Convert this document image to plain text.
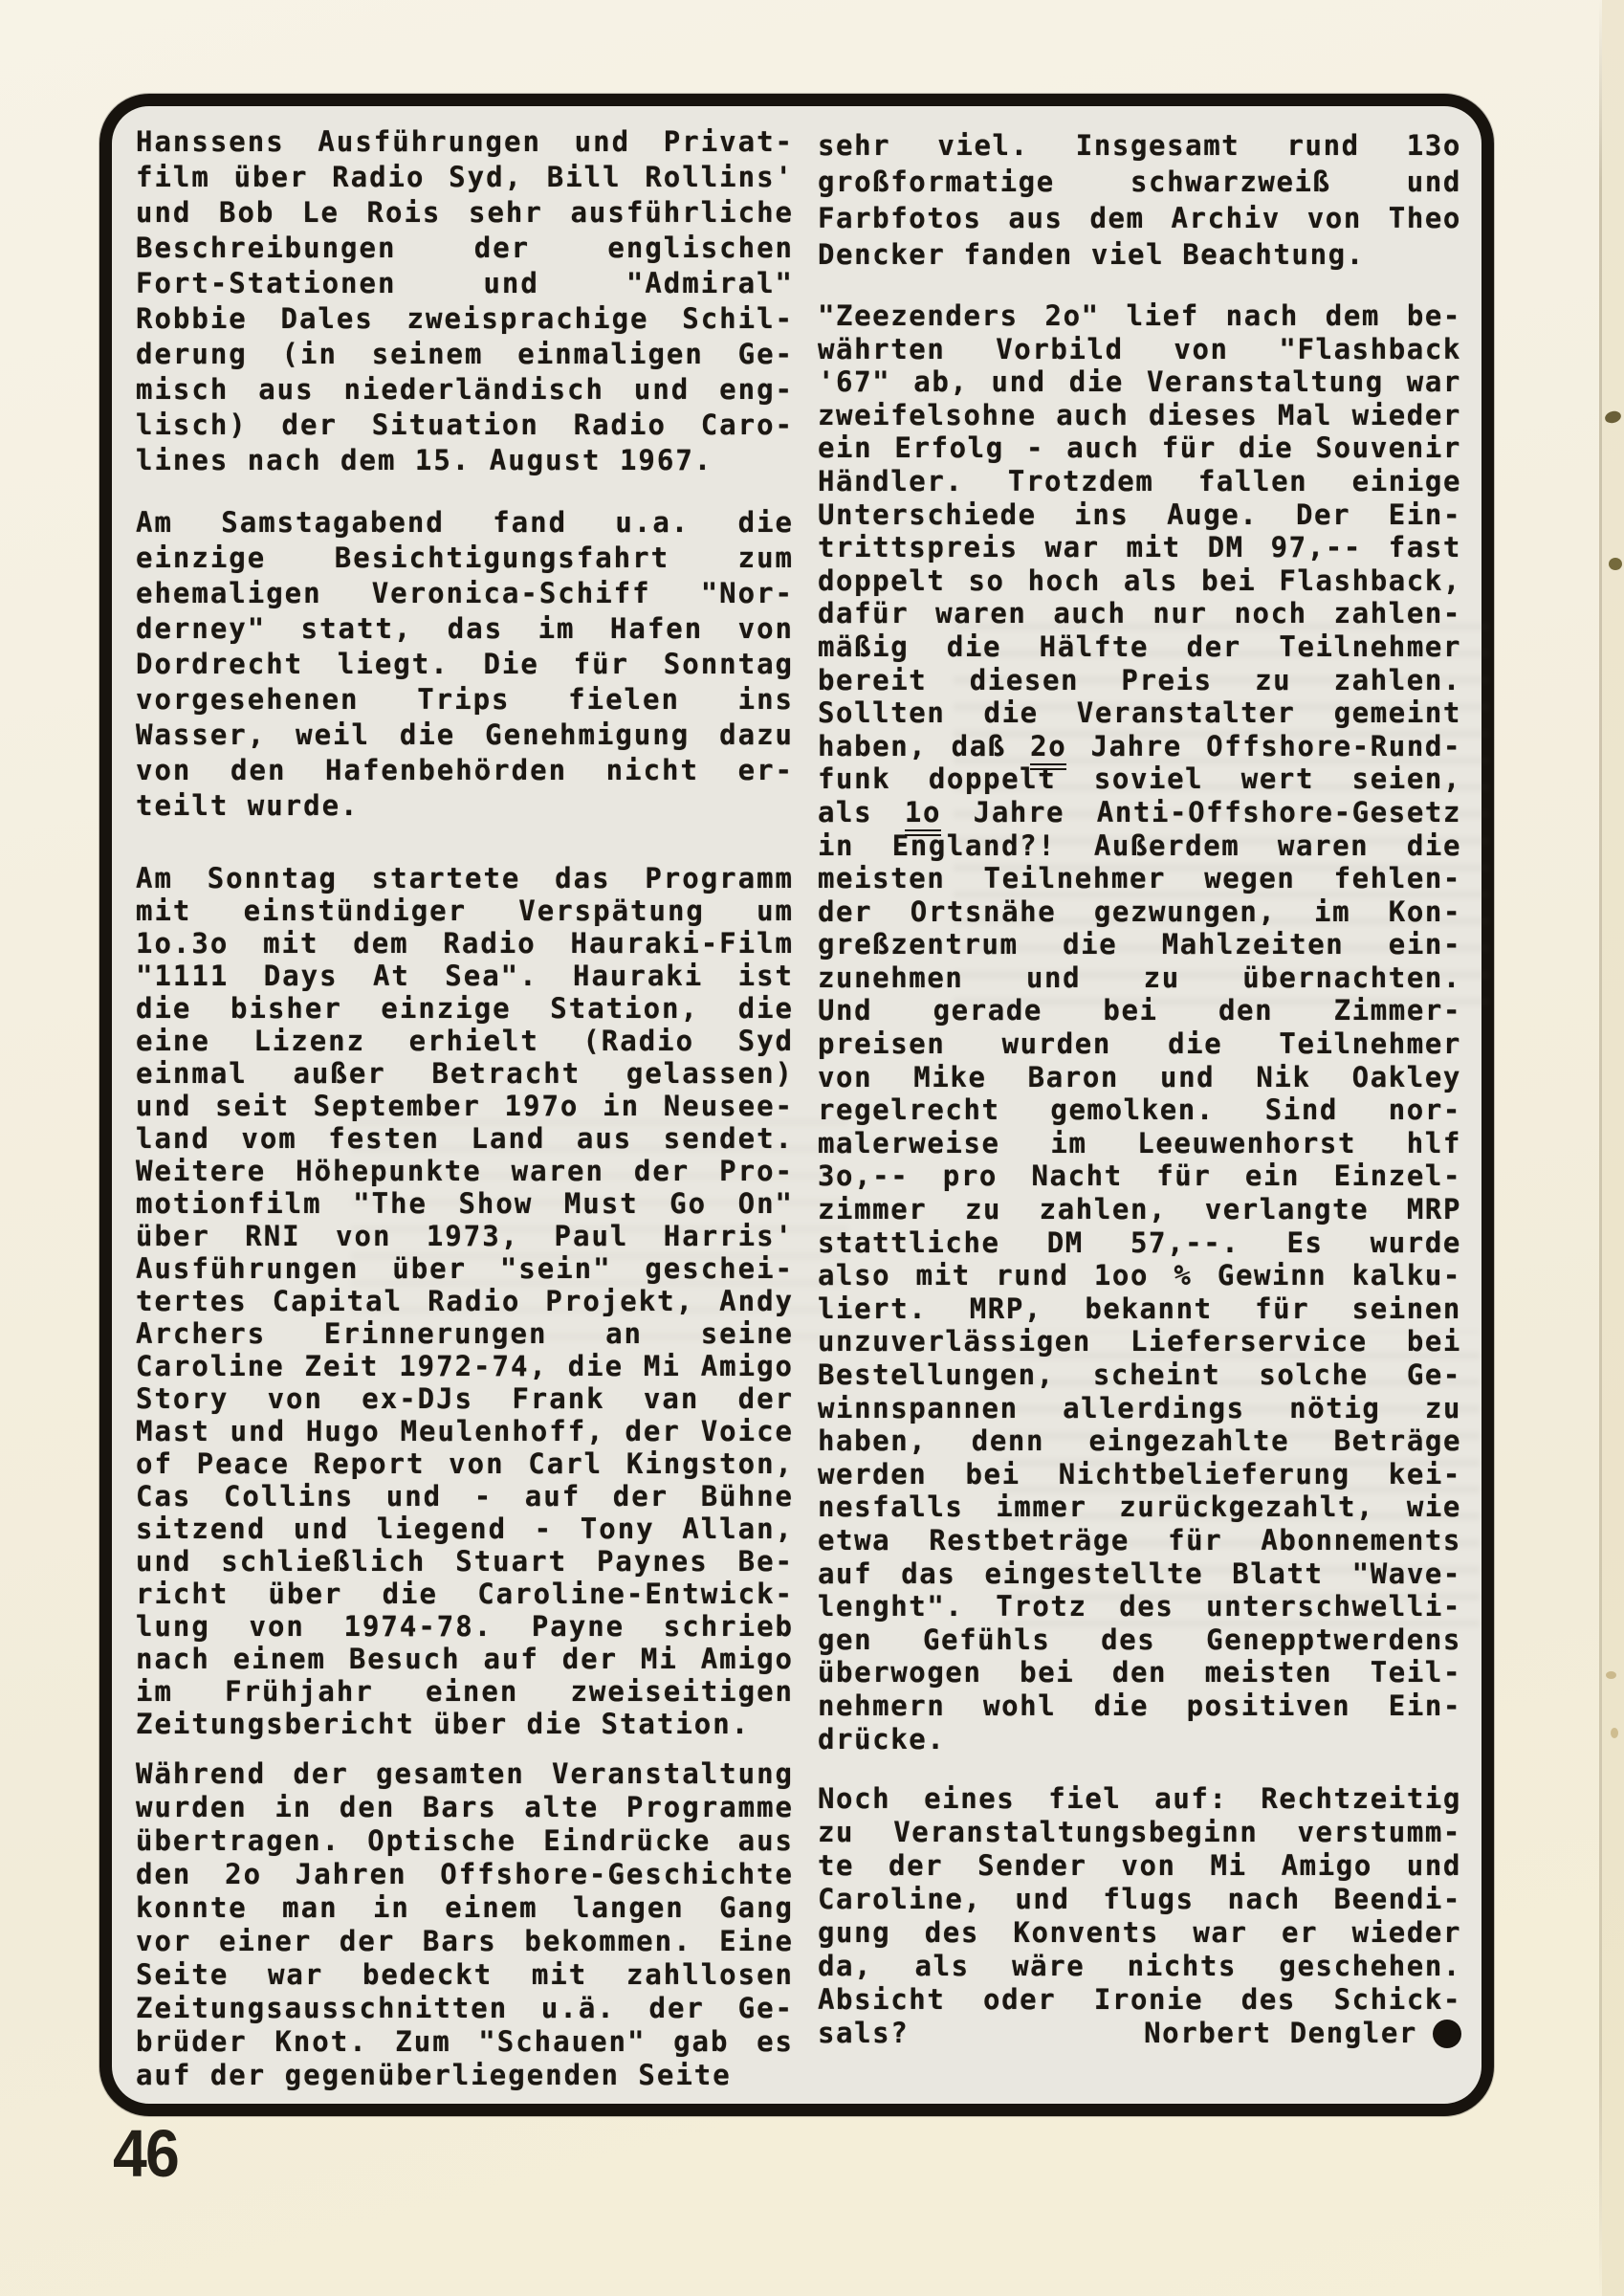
Hanssens Ausführungen und Privat-
film über Radio Syd, Bill Rollins'
und Bob Le Rois sehr ausführliche
Beschreibungen der englischen
Fort-Stationen und "Admiral"
Robbie Dales zweisprachige Schil-
derung (in seinem einmaligen Ge-
misch aus niederländisch und eng-
lisch) der Situation Radio Caro-
lines nach dem 15. August 1967.
Am Samstagabend fand u.a. die
einzige Besichtigungsfahrt zum
ehemaligen Veronica-Schiff "Nor-
derney" statt, das im Hafen von
Dordrecht liegt. Die für Sonntag
vorgesehenen Trips fielen ins
Wasser, weil die Genehmigung dazu
von den Hafenbehörden nicht er-
teilt wurde.
Am Sonntag startete das Programm
mit einstündiger Verspätung um
1o.3o mit dem Radio Hauraki-Film
"1111 Days At Sea". Hauraki ist
die bisher einzige Station, die
eine Lizenz erhielt (Radio Syd
einmal außer Betracht gelassen)
und seit September 197o in Neusee-
land vom festen Land aus sendet.
Weitere Höhepunkte waren der Pro-
motionfilm "The Show Must Go On"
über RNI von 1973, Paul Harris'
Ausführungen über "sein" geschei-
tertes Capital Radio Projekt, Andy
Archers Erinnerungen an seine
Caroline Zeit 1972-74, die Mi Amigo
Story von ex-DJs Frank van der
Mast und Hugo Meulenhoff, der Voice
of Peace Report von Carl Kingston,
Cas Collins und - auf der Bühne
sitzend und liegend - Tony Allan,
und schließlich Stuart Paynes Be-
richt über die Caroline-Entwick-
lung von 1974-78. Payne schrieb
nach einem Besuch auf der Mi Amigo
im Frühjahr einen zweiseitigen
Zeitungsbericht über die Station.
Während der gesamten Veranstaltung
wurden in den Bars alte Programme
übertragen. Optische Eindrücke aus
den 2o Jahren Offshore-Geschichte
konnte man in einem langen Gang
vor einer der Bars bekommen. Eine
Seite war bedeckt mit zahllosen
Zeitungsausschnitten u.ä. der Ge-
brüder Knot. Zum "Schauen" gab es
auf der gegenüberliegenden Seite
sehr viel. Insgesamt rund 13o
großformatige schwarzweiß und
Farbfotos aus dem Archiv von Theo
Dencker fanden viel Beachtung.
"Zeezenders 2o" lief nach dem be-
währten Vorbild von "Flashback
'67" ab, und die Veranstaltung war
zweifelsohne auch dieses Mal wieder
ein Erfolg - auch für die Souvenir
Händler. Trotzdem fallen einige
Unterschiede ins Auge. Der Ein-
trittspreis war mit DM 97,-- fast
doppelt so hoch als bei Flashback,
dafür waren auch nur noch zahlen-
mäßig die Hälfte der Teilnehmer
bereit diesen Preis zu zahlen.
Sollten die Veranstalter gemeint
haben, daß 2o Jahre Offshore-Rund-
funk doppelt soviel wert seien,
als 1o Jahre Anti-Offshore-Gesetz
in England?! Außerdem waren die
meisten Teilnehmer wegen fehlen-
der Ortsnähe gezwungen, im Kon-
greßzentrum die Mahlzeiten ein-
zunehmen und zu übernachten.
Und gerade bei den Zimmer-
preisen wurden die Teilnehmer
von Mike Baron und Nik Oakley
regelrecht gemolken. Sind nor-
malerweise im Leeuwenhorst hlf
3o,-- pro Nacht für ein Einzel-
zimmer zu zahlen, verlangte MRP
stattliche DM 57,--. Es wurde
also mit rund 1oo % Gewinn kalku-
liert. MRP, bekannt für seinen
unzuverlässigen Lieferservice bei
Bestellungen, scheint solche Ge-
winnspannen allerdings nötig zu
haben, denn eingezahlte Beträge
werden bei Nichtbelieferung kei-
nesfalls immer zurückgezahlt, wie
etwa Restbeträge für Abonnements
auf das eingestellte Blatt "Wave-
lenght". Trotz des unterschwelli-
gen Gefühls des Genepptwerdens
überwogen bei den meisten Teil-
nehmern wohl die positiven Ein-
drücke.
Noch eines fiel auf: Rechtzeitig
zu Veranstaltungsbeginn verstumm-
te der Sender von Mi Amigo und
Caroline, und flugs nach Beendi-
gung des Konvents war er wieder
da, als wäre nichts geschehen.
Absicht oder Ironie des Schick-
sals?	Norbert Dengler
46
